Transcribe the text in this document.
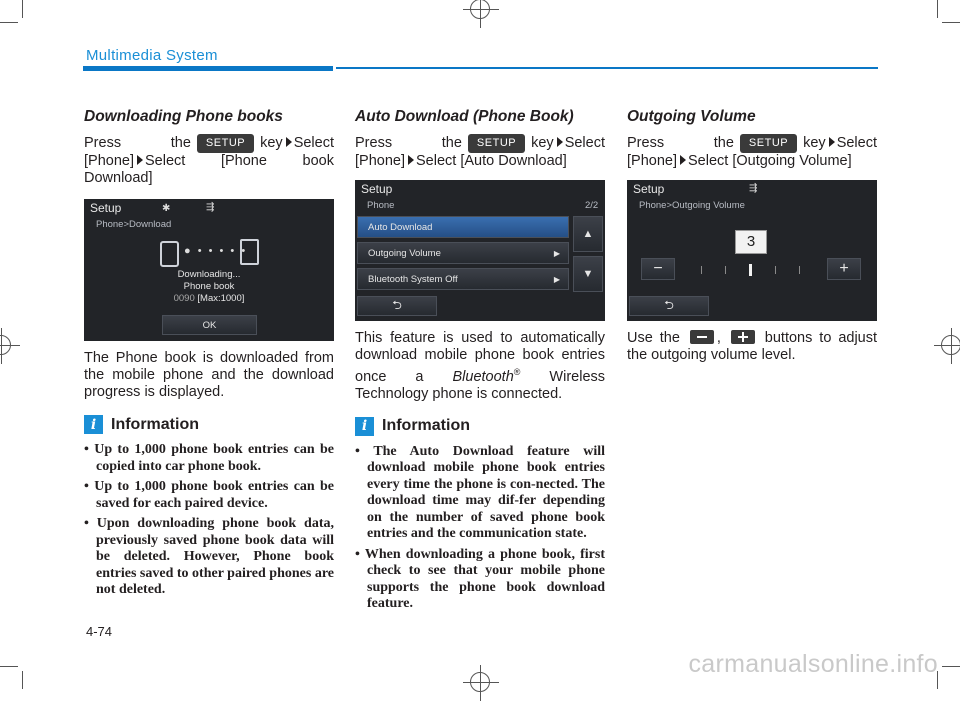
Multimedia System
Downloading Phone books

Press the SETUP key Select [Phone] Select [Phone book Download]

Setup	✱	⇶
Phone>Download
● • • • • •
Downloading...
Phone book
0090 [Max:1000]
OK

The Phone book is downloaded from the mobile phone and the download progress is displayed.

i Information
• Up to 1,000 phone book entries can be copied into car phone book.
• Up to 1,000 phone book entries can be saved for each paired device.
• Upon downloading phone book data, previously saved phone book data will be deleted. However, Phone book entries saved to other paired phones are not deleted.
Auto Download (Phone Book)

Press the SETUP key Select [Phone] Select [Auto Download]

Setup
Phone	2/2
Auto Download
Outgoing Volume	▶
Bluetooth System Off	▶
▲
▼
⮌

This feature is used to automatically download mobile phone book entries once a Bluetooth® Wireless Technology phone is connected.

i Information
• The Auto Download feature will download mobile phone book entries every time the phone is con-nected. The download time may dif-fer depending on the number of saved phone book entries and the communication state.
• When downloading a phone book, first check to see that your mobile phone supports the phone book download feature.
Outgoing Volume

Press the SETUP key Select [Phone] Select [Outgoing Volume]

Setup	⇶
Phone>Outgoing Volume
3
−	+
⮌

Use the	,	buttons to adjust the outgoing volume level.

4-74
carmanualsonline.info
